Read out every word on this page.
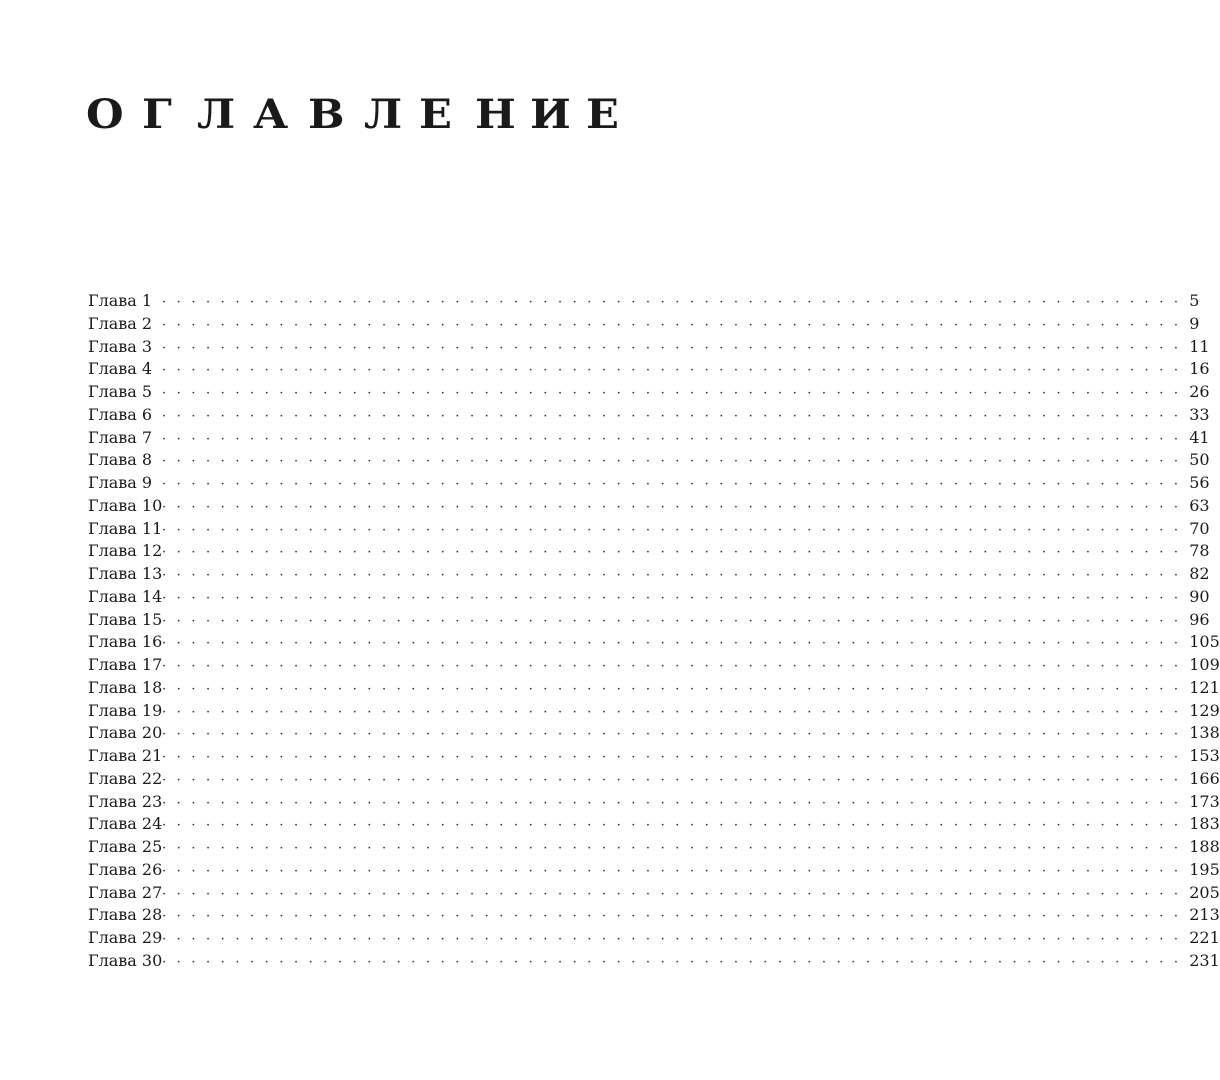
О Г Л А В Л Е Н И Е
Глава 1 · · · · · · · · · · · · · · · · · · · · · · · · · · · · · · · · · · · · · · · · · · · · · · · · · · · · · · · · · · · · · · · · · · · · · · 5
Глава 2 · · · · · · · · · · · · · · · · · · · · · · · · · · · · · · · · · · · · · · · · · · · · · · · · · · · · · · · · · · · · · · · · · · · · · · 9
Глава 3 · · · · · · · · · · · · · · · · · · · · · · · · · · · · · · · · · · · · · · · · · · · · · · · · · · · · · · · · · · · · · · · · · · · · · · 11
Глава 4 · · · · · · · · · · · · · · · · · · · · · · · · · · · · · · · · · · · · · · · · · · · · · · · · · · · · · · · · · · · · · · · · · · · · · · 16
Глава 5 · · · · · · · · · · · · · · · · · · · · · · · · · · · · · · · · · · · · · · · · · · · · · · · · · · · · · · · · · · · · · · · · · · · · · · 26
Глава 6 · · · · · · · · · · · · · · · · · · · · · · · · · · · · · · · · · · · · · · · · · · · · · · · · · · · · · · · · · · · · · · · · · · · · · · 33
Глава 7 · · · · · · · · · · · · · · · · · · · · · · · · · · · · · · · · · · · · · · · · · · · · · · · · · · · · · · · · · · · · · · · · · · · · · · 41
Глава 8 · · · · · · · · · · · · · · · · · · · · · · · · · · · · · · · · · · · · · · · · · · · · · · · · · · · · · · · · · · · · · · · · · · · · · · 50
Глава 9 · · · · · · · · · · · · · · · · · · · · · · · · · · · · · · · · · · · · · · · · · · · · · · · · · · · · · · · · · · · · · · · · · · · · · · 56
Глава 10 · · · · · · · · · · · · · · · · · · · · · · · · · · · · · · · · · · · · · · · · · · · · · · · · · · · · · · · · · · · · · · · · · · · · · · 63
Глава 11 · · · · · · · · · · · · · · · · · · · · · · · · · · · · · · · · · · · · · · · · · · · · · · · · · · · · · · · · · · · · · · · · · · · · · · 70
Глава 12 · · · · · · · · · · · · · · · · · · · · · · · · · · · · · · · · · · · · · · · · · · · · · · · · · · · · · · · · · · · · · · · · · · · · · · 78
Глава 13 · · · · · · · · · · · · · · · · · · · · · · · · · · · · · · · · · · · · · · · · · · · · · · · · · · · · · · · · · · · · · · · · · · · · · · 82
Глава 14 · · · · · · · · · · · · · · · · · · · · · · · · · · · · · · · · · · · · · · · · · · · · · · · · · · · · · · · · · · · · · · · · · · · · · · 90
Глава 15 · · · · · · · · · · · · · · · · · · · · · · · · · · · · · · · · · · · · · · · · · · · · · · · · · · · · · · · · · · · · · · · · · · · · · · 96
Глава 16 · · · · · · · · · · · · · · · · · · · · · · · · · · · · · · · · · · · · · · · · · · · · · · · · · · · · · · · · · · · · · · · · · · · · · · 105
Глава 17 · · · · · · · · · · · · · · · · · · · · · · · · · · · · · · · · · · · · · · · · · · · · · · · · · · · · · · · · · · · · · · · · · · · · · · 109
Глава 18 · · · · · · · · · · · · · · · · · · · · · · · · · · · · · · · · · · · · · · · · · · · · · · · · · · · · · · · · · · · · · · · · · · · · · · 121
Глава 19 · · · · · · · · · · · · · · · · · · · · · · · · · · · · · · · · · · · · · · · · · · · · · · · · · · · · · · · · · · · · · · · · · · · · · · 129
Глава 20 · · · · · · · · · · · · · · · · · · · · · · · · · · · · · · · · · · · · · · · · · · · · · · · · · · · · · · · · · · · · · · · · · · · · · · 138
Глава 21 · · · · · · · · · · · · · · · · · · · · · · · · · · · · · · · · · · · · · · · · · · · · · · · · · · · · · · · · · · · · · · · · · · · · · · 153
Глава 22 · · · · · · · · · · · · · · · · · · · · · · · · · · · · · · · · · · · · · · · · · · · · · · · · · · · · · · · · · · · · · · · · · · · · · · 166
Глава 23 · · · · · · · · · · · · · · · · · · · · · · · · · · · · · · · · · · · · · · · · · · · · · · · · · · · · · · · · · · · · · · · · · · · · · · 173
Глава 24 · · · · · · · · · · · · · · · · · · · · · · · · · · · · · · · · · · · · · · · · · · · · · · · · · · · · · · · · · · · · · · · · · · · · · · 183
Глава 25 · · · · · · · · · · · · · · · · · · · · · · · · · · · · · · · · · · · · · · · · · · · · · · · · · · · · · · · · · · · · · · · · · · · · · · 188
Глава 26 · · · · · · · · · · · · · · · · · · · · · · · · · · · · · · · · · · · · · · · · · · · · · · · · · · · · · · · · · · · · · · · · · · · · · · 195
Глава 27 · · · · · · · · · · · · · · · · · · · · · · · · · · · · · · · · · · · · · · · · · · · · · · · · · · · · · · · · · · · · · · · · · · · · · · 205
Глава 28 · · · · · · · · · · · · · · · · · · · · · · · · · · · · · · · · · · · · · · · · · · · · · · · · · · · · · · · · · · · · · · · · · · · · · · 213
Глава 29 · · · · · · · · · · · · · · · · · · · · · · · · · · · · · · · · · · · · · · · · · · · · · · · · · · · · · · · · · · · · · · · · · · · · · · 221
Глава 30 · · · · · · · · · · · · · · · · · · · · · · · · · · · · · · · · · · · · · · · · · · · · · · · · · · · · · · · · · · · · · · · · · · · · · · 231
